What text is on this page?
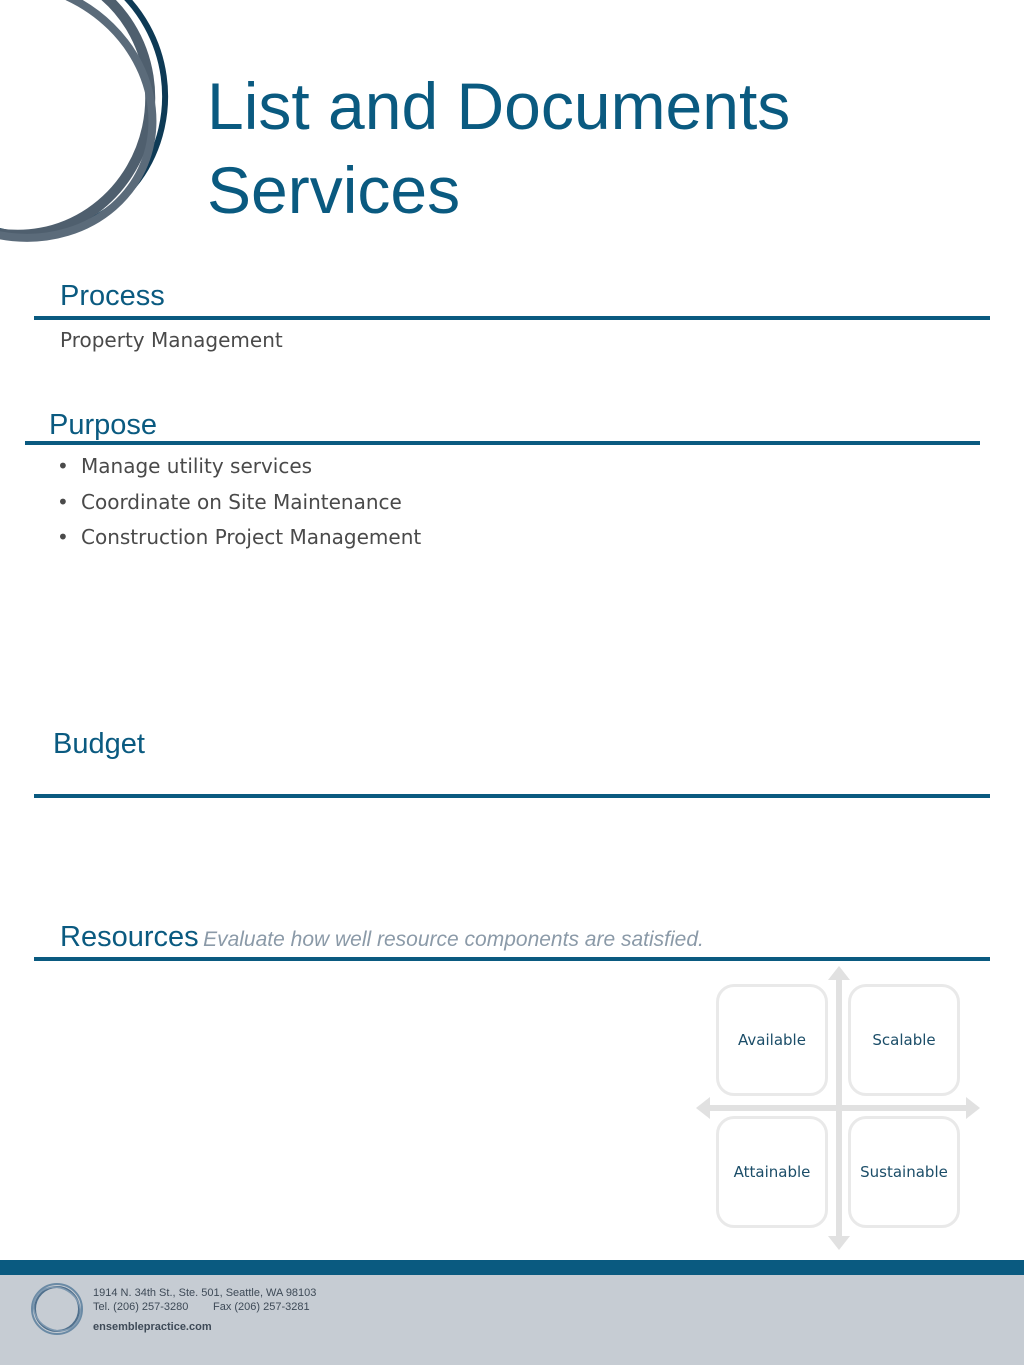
List and Documents
Services
Process
Property Management
Purpose
• Manage utility services
• Coordinate on Site Maintenance
• Construction Project Management
Budget
Resources Evaluate how well resource components are satisfied.
Available	Scalable
Attainable	Sustainable
1914 N. 34th St., Ste. 501, Seattle, WA 98103
Tel. (206) 257-3280 Fax (206) 257-3281
ensemblepractice.com
